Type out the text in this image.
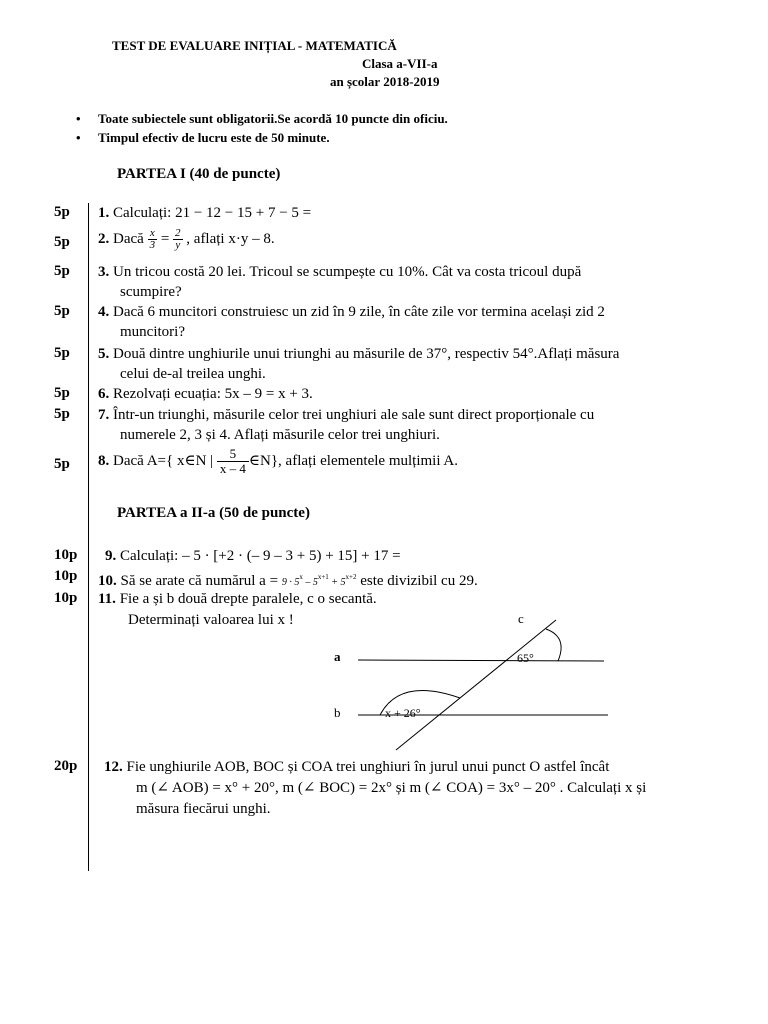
TEST DE EVALUARE INIȚIAL - MATEMATICĂ
Clasa a-VII-a
an școlar 2018-2019
• Toate subiectele sunt obligatorii.Se acordă 10 puncte din oficiu.
• Timpul efectiv de lucru este de 50 minute.
PARTEA I (40 de puncte)
5p 1. Calculați: 21 − 12 − 15 + 7 − 5 =
5p 2. Dacă $\frac{x}{3} = \frac{2}{y}$ , aflați x·y – 8.
5p 3. Un tricou costă 20 lei. Tricoul se scumpește cu 10%. Cât va costa tricoul după
scumpire?
5p 4. Dacă 6 muncitori construiesc un zid în 9 zile, în câte zile vor termina același zid 2
muncitori?
5p 5. Două dintre unghiurile unui triunghi au măsurile de 37°, respectiv 54°.Aflați măsura
celui de-al treilea unghi.
5p 6. Rezolvați ecuația: 5x – 9 = x + 3.
5p 7. Într-un triunghi, măsurile celor trei unghiuri ale sale sunt direct proporționale cu
numerele 2, 3 și 4. Aflați măsurile celor trei unghiuri.
5p 8. Dacă A={ x∈N | $\frac{5}{x - 4}$ ∈N}, aflați elementele mulțimii A.
PARTEA a II-a (50 de puncte)
10p 9. Calculați: – 5 · [+2 · (– 9 – 3 + 5) + 15] + 17 =
10p 10. Să se arate că numărul $a = 9 \cdot 5^x - 5^{x+1} + 5^{x+2}$ este divizibil cu 29.
10p 11. Fie a și b două drepte paralele, c o secantă.
Determinați valoarea lui x !
a
b
c
65°
x + 26°
20p 12. Fie unghiurile AOB, BOC și COA trei unghiuri în jurul unui punct O astfel încât
m (∠ AOB) = x° + 20°, m (∠ BOC) = 2x° și m (∠ COA) = 3x° – 20° . Calculați x și
măsura fiecărui unghi.
